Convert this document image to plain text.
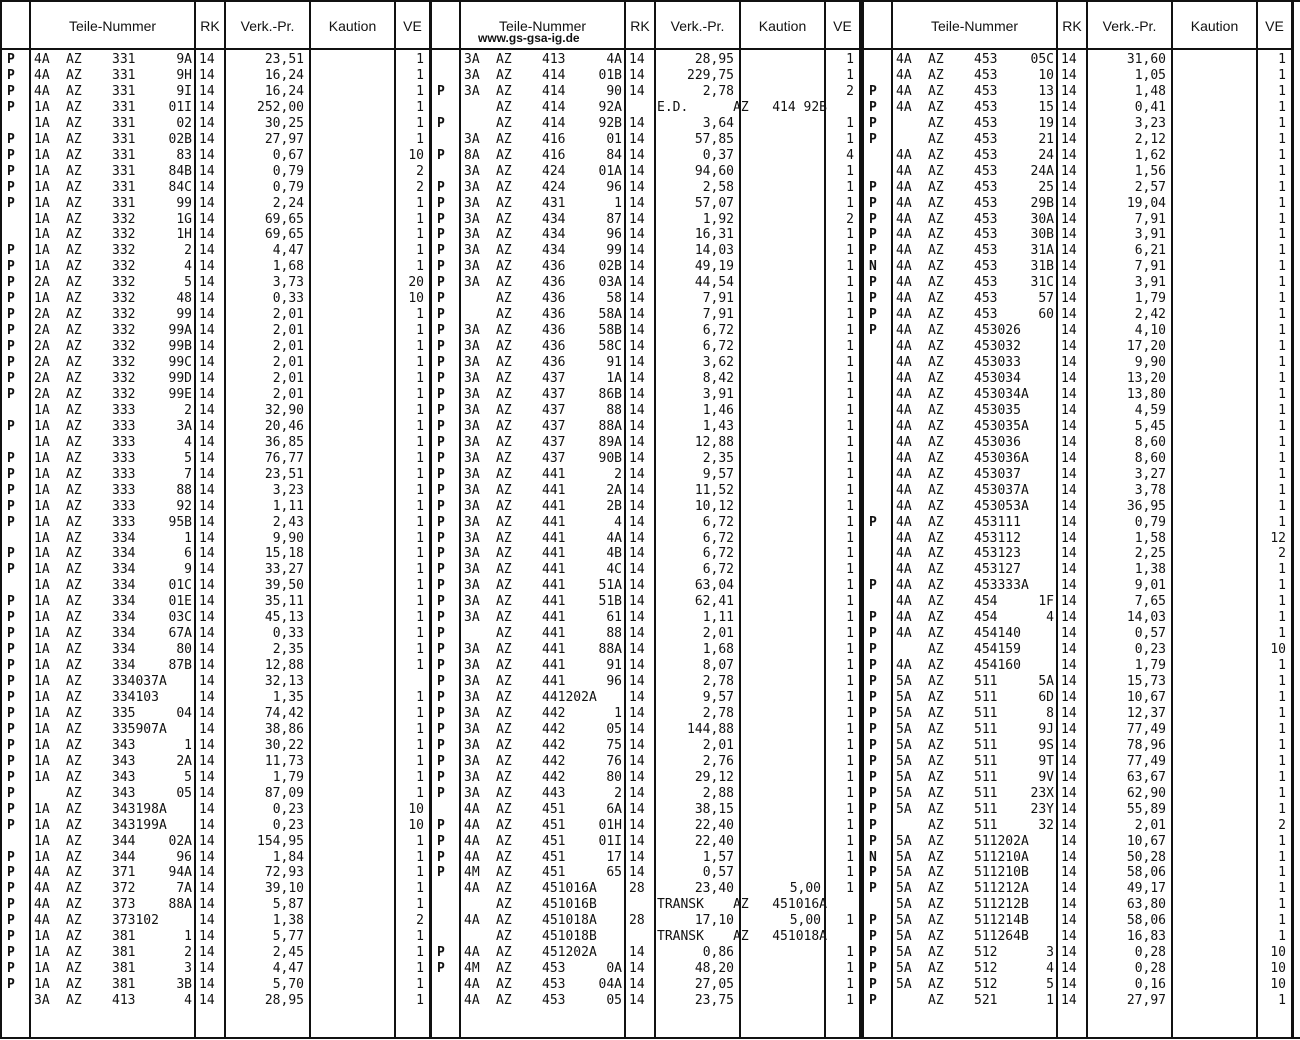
Teile-Nummer	RK	Verk.-Pr.	Kaution	VE
P	4A	AZ	331	9A 14	23,51	1
P	4A	AZ	331	9H 14	16,24	1
P	4A	AZ	331	9I 14	16,24	1
P	1A	AZ	331	01I 14	252,00	1
1A	AZ	331	02 14	30,25	1
P	1A	AZ	331	02B 14	27,97	1
P	1A	AZ	331	83 14	0,67	10
P	1A	AZ	331	84B 14	0,79	2
P	1A	AZ	331	84C 14	0,79	2
P	1A	AZ	331	99 14	2,24	1
1A	AZ	332	1G 14	69,65	1
1A	AZ	332	1H 14	69,65	1
P	1A	AZ	332	2 14	4,47	1
P	1A	AZ	332	4 14	1,68	1
P	2A	AZ	332	5 14	3,73	20
P	1A	AZ	332	48 14	0,33	10
P	2A	AZ	332	99 14	2,01	1
P	2A	AZ	332	99A 14	2,01	1
P	2A	AZ	332	99B 14	2,01	1
P	2A	AZ	332	99C 14	2,01	1
P	2A	AZ	332	99D 14	2,01	1
P	2A	AZ	332	99E 14	2,01	1
1A	AZ	333	2 14	32,90	1
P	1A	AZ	333	3A 14	20,46	1
1A	AZ	333	4 14	36,85	1
P	1A	AZ	333	5 14	76,77	1
P	1A	AZ	333	7 14	23,51	1
P	1A	AZ	333	88 14	3,23	1
P	1A	AZ	333	92 14	1,11	1
P	1A	AZ	333	95B 14	2,43	1
1A	AZ	334	1 14	9,90	1
P	1A	AZ	334	6 14	15,18	1
P	1A	AZ	334	9 14	33,27	1
1A	AZ	334	01C 14	39,50	1
P	1A	AZ	334	01E 14	35,11	1
P	1A	AZ	334	03C 14	45,13	1
P	1A	AZ	334	67A 14	0,33	1
P	1A	AZ	334	80 14	2,35	1
P	1A	AZ	334	87B 14	12,88	1
P	1A	AZ	334037A	14	32,13
P	1A	AZ	334103	14	1,35	1
P	1A	AZ	335	04 14	74,42	1
P	1A	AZ	335907A	14	38,86	1
P	1A	AZ	343	1 14	30,22	1
P	1A	AZ	343	2A 14	11,73	1
P	1A	AZ	343	5 14	1,79	1
P	AZ	343	05 14	87,09	1
P	1A	AZ	343198A	14	0,23	10
P	1A	AZ	343199A	14	0,23	10
1A	AZ	344	02A 14	154,95	1
P	1A	AZ	344	96 14	1,84	1
P	4A	AZ	371	94A 14	72,93	1
P	4A	AZ	372	7A 14	39,10	1
P	4A	AZ	373	88A 14	5,87	1
P	4A	AZ	373102	14	1,38	2
P	1A	AZ	381	1 14	5,77	1
P	1A	AZ	381	2 14	2,45	1
P	1A	AZ	381	3 14	4,47	1
P	1A	AZ	381	3B 14	5,70	1
3A	AZ	413	4 14	28,95	1
Teile-Nummer	RK	Verk.-Pr.	Kaution	VE
www.gs-gsa-ig.de
3A	AZ	413	4A 14	28,95	1
3A	AZ	414	01B 14	229,75	1
P	3A	AZ	414	90 14	2,78	2
AZ	414	92A	E.D.	AZ   414 92B
P	AZ	414	92B 14	3,64	1
3A	AZ	416	01 14	57,85	1
P	8A	AZ	416	84 14	0,37	4
3A	AZ	424	01A 14	94,60	1
P	3A	AZ	424	96 14	2,58	1
P	3A	AZ	431	1 14	57,07	1
P	3A	AZ	434	87 14	1,92	2
P	3A	AZ	434	96 14	16,31	1
P	3A	AZ	434	99 14	14,03	1
P	3A	AZ	436	02B 14	49,19	1
P	3A	AZ	436	03A 14	44,54	1
P	AZ	436	58 14	7,91	1
P	AZ	436	58A 14	7,91	1
P	3A	AZ	436	58B 14	6,72	1
P	3A	AZ	436	58C 14	6,72	1
P	3A	AZ	436	91 14	3,62	1
P	3A	AZ	437	1A 14	8,42	1
P	3A	AZ	437	86B 14	3,91	1
P	3A	AZ	437	88 14	1,46	1
P	3A	AZ	437	88A 14	1,43	1
P	3A	AZ	437	89A 14	12,88	1
P	3A	AZ	437	90B 14	2,35	1
P	3A	AZ	441	2 14	9,57	1
P	3A	AZ	441	2A 14	11,52	1
P	3A	AZ	441	2B 14	10,12	1
P	3A	AZ	441	4 14	6,72	1
P	3A	AZ	441	4A 14	6,72	1
P	3A	AZ	441	4B 14	6,72	1
P	3A	AZ	441	4C 14	6,72	1
P	3A	AZ	441	51A 14	63,04	1
P	3A	AZ	441	51B 14	62,41	1
P	3A	AZ	441	61 14	1,11	1
P	AZ	441	88 14	2,01	1
P	3A	AZ	441	88A 14	1,68	1
P	3A	AZ	441	91 14	8,07	1
P	3A	AZ	441	96 14	2,78	1
P	3A	AZ	441202A	14	9,57	1
P	3A	AZ	442	1 14	2,78	1
P	3A	AZ	442	05 14	144,88	1
P	3A	AZ	442	75 14	2,01	1
P	3A	AZ	442	76 14	2,76	1
P	3A	AZ	442	80 14	29,12	1
P	3A	AZ	443	2 14	2,88	1
4A	AZ	451	6A 14	38,15	1
P	4A	AZ	451	01H 14	22,40	1
P	4A	AZ	451	01I 14	22,40	1
P	4A	AZ	451	17 14	1,57	1
P	4M	AZ	451	65 14	0,57	1
4A	AZ	451016A	28	23,40	5,00	1
AZ	451016B	TRANSK	AZ   451016A
4A	AZ	451018A	28	17,10	5,00	1
AZ	451018B	TRANSK	AZ   451018A
P	4A	AZ	451202A	14	0,86	1
P	4M	AZ	453	0A 14	48,20	1
4A	AZ	453	04A 14	27,05	1
4A	AZ	453	05 14	23,75	1
Teile-Nummer	RK	Verk.-Pr.	Kaution	VE
4A	AZ	453	05C 14	31,60	1
4A	AZ	453	10 14	1,05	1
P	4A	AZ	453	13 14	1,48	1
P	4A	AZ	453	15 14	0,41	1
P	AZ	453	19 14	3,23	1
P	AZ	453	21 14	2,12	1
4A	AZ	453	24 14	1,62	1
4A	AZ	453	24A 14	1,56	1
P	4A	AZ	453	25 14	2,57	1
P	4A	AZ	453	29B 14	19,04	1
P	4A	AZ	453	30A 14	7,91	1
P	4A	AZ	453	30B 14	3,91	1
P	4A	AZ	453	31A 14	6,21	1
N	4A	AZ	453	31B 14	7,91	1
P	4A	AZ	453	31C 14	3,91	1
P	4A	AZ	453	57 14	1,79	1
P	4A	AZ	453	60 14	2,42	1
P	4A	AZ	453026	14	4,10	1
4A	AZ	453032	14	17,20	1
4A	AZ	453033	14	9,90	1
4A	AZ	453034	14	13,20	1
4A	AZ	453034A	14	13,80	1
4A	AZ	453035	14	4,59	1
4A	AZ	453035A	14	5,45	1
4A	AZ	453036	14	8,60	1
4A	AZ	453036A	14	8,60	1
4A	AZ	453037	14	3,27	1
4A	AZ	453037A	14	3,78	1
4A	AZ	453053A	14	36,95	1
P	4A	AZ	453111	14	0,79	1
4A	AZ	453112	14	1,58	12
4A	AZ	453123	14	2,25	2
4A	AZ	453127	14	1,38	1
P	4A	AZ	453333A	14	9,01	1
4A	AZ	454	1F 14	7,65	1
P	4A	AZ	454	4 14	14,03	1
P	4A	AZ	454140	14	0,57	1
P	AZ	454159	14	0,23	10
P	4A	AZ	454160	14	1,79	1
P	5A	AZ	511	5A 14	15,73	1
P	5A	AZ	511	6D 14	10,67	1
P	5A	AZ	511	8 14	12,37	1
P	5A	AZ	511	9J 14	77,49	1
P	5A	AZ	511	9S 14	78,96	1
P	5A	AZ	511	9T 14	77,49	1
P	5A	AZ	511	9V 14	63,67	1
P	5A	AZ	511	23X 14	62,90	1
P	5A	AZ	511	23Y 14	55,89	1
P	AZ	511	32 14	2,01	2
P	5A	AZ	511202A	14	10,67	1
N	5A	AZ	511210A	14	50,28	1
P	5A	AZ	511210B	14	58,06	1
P	5A	AZ	511212A	14	49,17	1
5A	AZ	511212B	14	63,80	1
P	5A	AZ	511214B	14	58,06	1
P	5A	AZ	511264B	14	16,83	1
P	5A	AZ	512	3 14	0,28	10
P	5A	AZ	512	4 14	0,28	10
P	5A	AZ	512	5 14	0,16	10
P	AZ	521	1 14	27,97	1
